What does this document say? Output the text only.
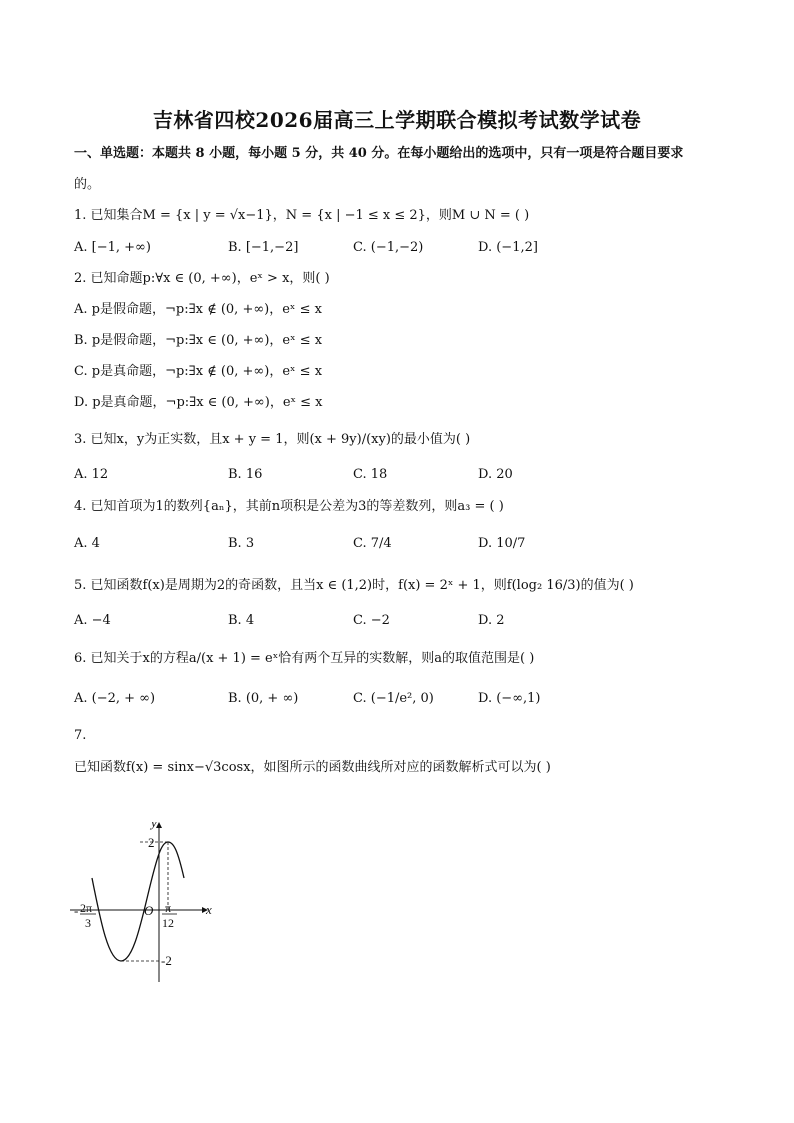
吉林省四校2026届高三上学期联合模拟考试数学试卷
一、单选题：本题共 8 小题，每小题 5 分，共 40 分。在每小题给出的选项中，只有一项是符合题目要求
的。
1. 已知集合M = {x | y = √x−1}，N = {x | −1 ≤ x ≤ 2}，则M ∪ N = ( )
A. [−1, +∞)	B. [−1,−2]	C. (−1,−2)	D. (−1,2]
2. 已知命题p:∀x ∈ (0, +∞)，eˣ > x，则( )
A. p是假命题，¬p:∃x ∉ (0, +∞)，eˣ ≤ x
B. p是假命题，¬p:∃x ∈ (0, +∞)，eˣ ≤ x
C. p是真命题，¬p:∃x ∉ (0, +∞)，eˣ ≤ x
D. p是真命题，¬p:∃x ∈ (0, +∞)，eˣ ≤ x
3. 已知x，y为正实数，且x + y = 1，则(x + 9y)/(xy)的最小值为( )
A. 12	B. 16	C. 18	D. 20
4. 已知首项为1的数列{aₙ}，其前n项积是公差为3的等差数列，则a₃ = ( )
A. 4	B. 3	C. 7/4	D. 10/7
5. 已知函数f(x)是周期为2的奇函数，且当x ∈ (1,2)时，f(x) = 2ˣ + 1，则f(log₂ 16/3)的值为( )
A. −4	B. 4	C. −2	D. 2
6. 已知关于x的方程a/(x + 1) = eˣ恰有两个互异的实数解，则a的取值范围是( )
A. (−2, + ∞)	B. (0, + ∞)	C. (−1/e², 0)	D. (−∞,1)
7.
已知函数f(x) = sinx−√3cosx，如图所示的函数曲线所对应的函数解析式可以为( )
y
x
O
2
-2
- 2π
3
π
12
